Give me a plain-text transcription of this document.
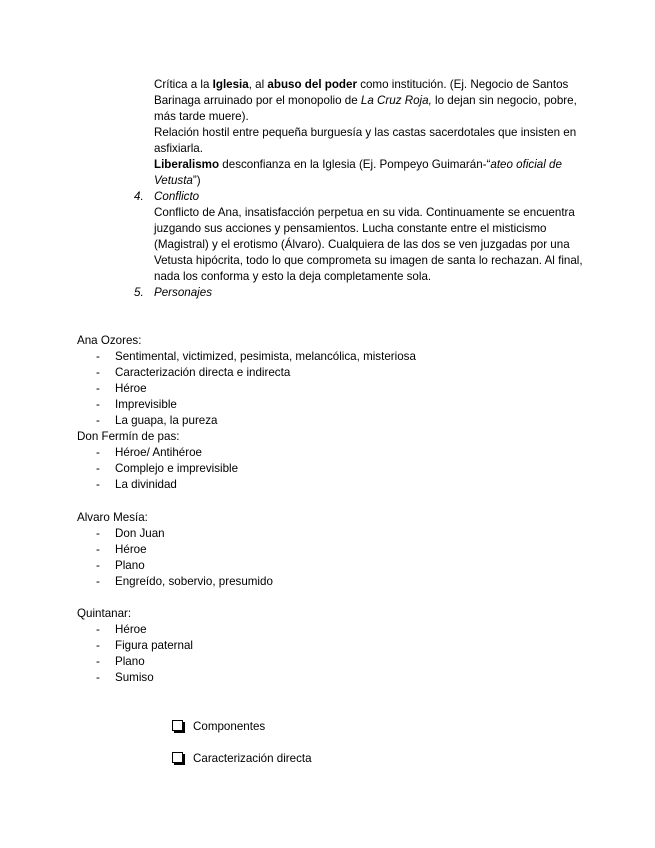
Crítica a la Iglesia, al abuso del poder como institución. (Ej. Negocio de Santos Barinaga arruinado por el monopolio de La Cruz Roja, lo dejan sin negocio, pobre, más tarde muere).

Relación hostil entre pequeña burguesía y las castas sacerdotales que insisten en asfixiarla.

Liberalismo desconfianza en la Iglesia (Ej. Pompeyo Guimarán-“ateo oficial de Vetusta”)

4. Conflicto

Conflicto de Ana, insatisfacción perpetua en su vida. Continuamente se encuentra juzgando sus acciones y pensamientos. Lucha constante entre el misticismo (Magistral) y el erotismo (Álvaro). Cualquiera de las dos se ven juzgadas por una Vetusta hipócrita, todo lo que comprometa su imagen de santa lo rechazan. Al final, nada los conforma y esto la deja completamente sola.

5. Personajes

Ana Ozores:

- Sentimental, victimized, pesimista, melancólica, misteriosa
- Caracterización directa e indirecta
- Héroe
- Imprevisible
- La guapa, la pureza

Don Fermín de pas:

- Héroe/ Antihéroe
- Complejo e imprevisible
- La divinidad

Alvaro Mesía:

- Don Juan
- Héroe
- Plano
- Engreído, sobervio, presumido

Quintanar:

- Héroe
- Figura paternal
- Plano
- Sumiso
Componentes
Caracterización directa
